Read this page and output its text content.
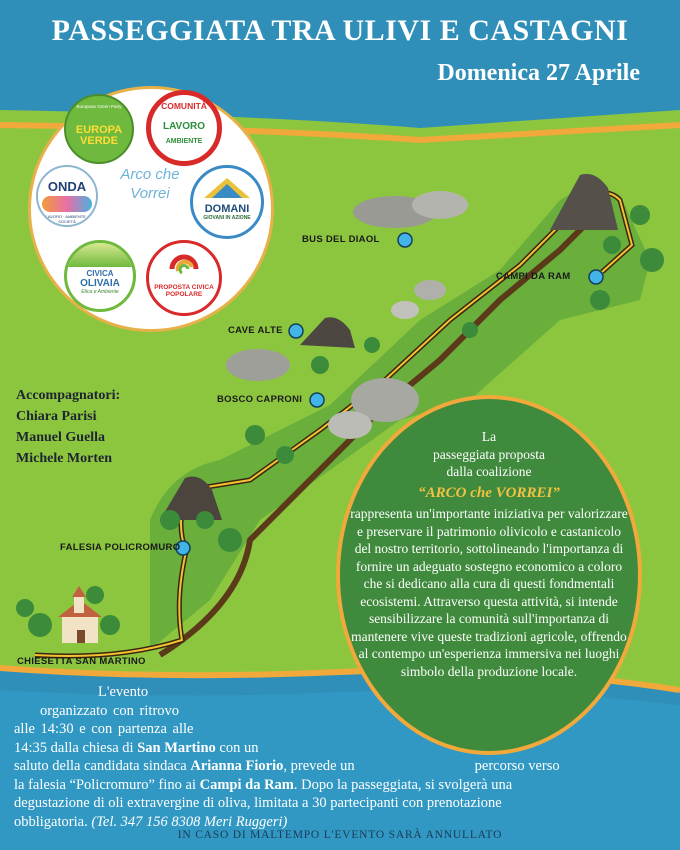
BUS DEL DIAOL
CAMPI DA RAM
CAVE ALTE
BOSCO CAPRONI
FALESIA POLICROMURO
CHIESETTA SAN MARTINO
PASSEGGIATA TRA ULIVI E CASTAGNI
Domenica 27 Aprile
European Green Party
EUROPA VERDE
COMUNITÀ
LAVORO
AMBIENTE
ONDA
LAVORO · AMBIENTE · SOCIETÀ
Arco che Vorrei
DOMANI
GIOVANI IN AZIONE
CIVICA
OLIVAIA
Etica e Ambiente
PROPOSTA CIVICA
POPOLARE
Accompagnatori:
Chiara Parisi
Manuel Guella
Michele Morten
La
passeggiata proposta
dalla coalizione
“ARCO che VORREI”
rappresenta un'importante iniziativa per valorizzare e preservare il patrimonio olivicolo e castanicolo del nostro territorio, sottolineando l'importanza di fornire un adeguato sostegno economico a coloro che si dedicano alla cura di questi fondmentali ecosistemi. Attraverso questa attività, si intende sensibilizzare la comunità sull'importanza di mantenere vive queste tradizioni agricole, offrendo al contempo un'esperienza immersiva nei luoghi simbolo della produzione locale.
L'evento
organizzato con ritrovo
alle 14:30 e con partenza alle
14:35 dalla chiesa di San Martino con un
saluto della candidata sindaca Arianna Fiorio, prevede un	percorso verso
la falesia “Policromuro” fino ai Campi da Ram. Dopo la passeggiata, si svolgerà una
degustazione di oli extravergine di oliva, limitata a 30 partecipanti con prenotazione
obbligatoria. (Tel. 347 156 8308 Meri Ruggeri)
IN CASO DI MALTEMPO L'EVENTO SARÀ ANNULLATO
